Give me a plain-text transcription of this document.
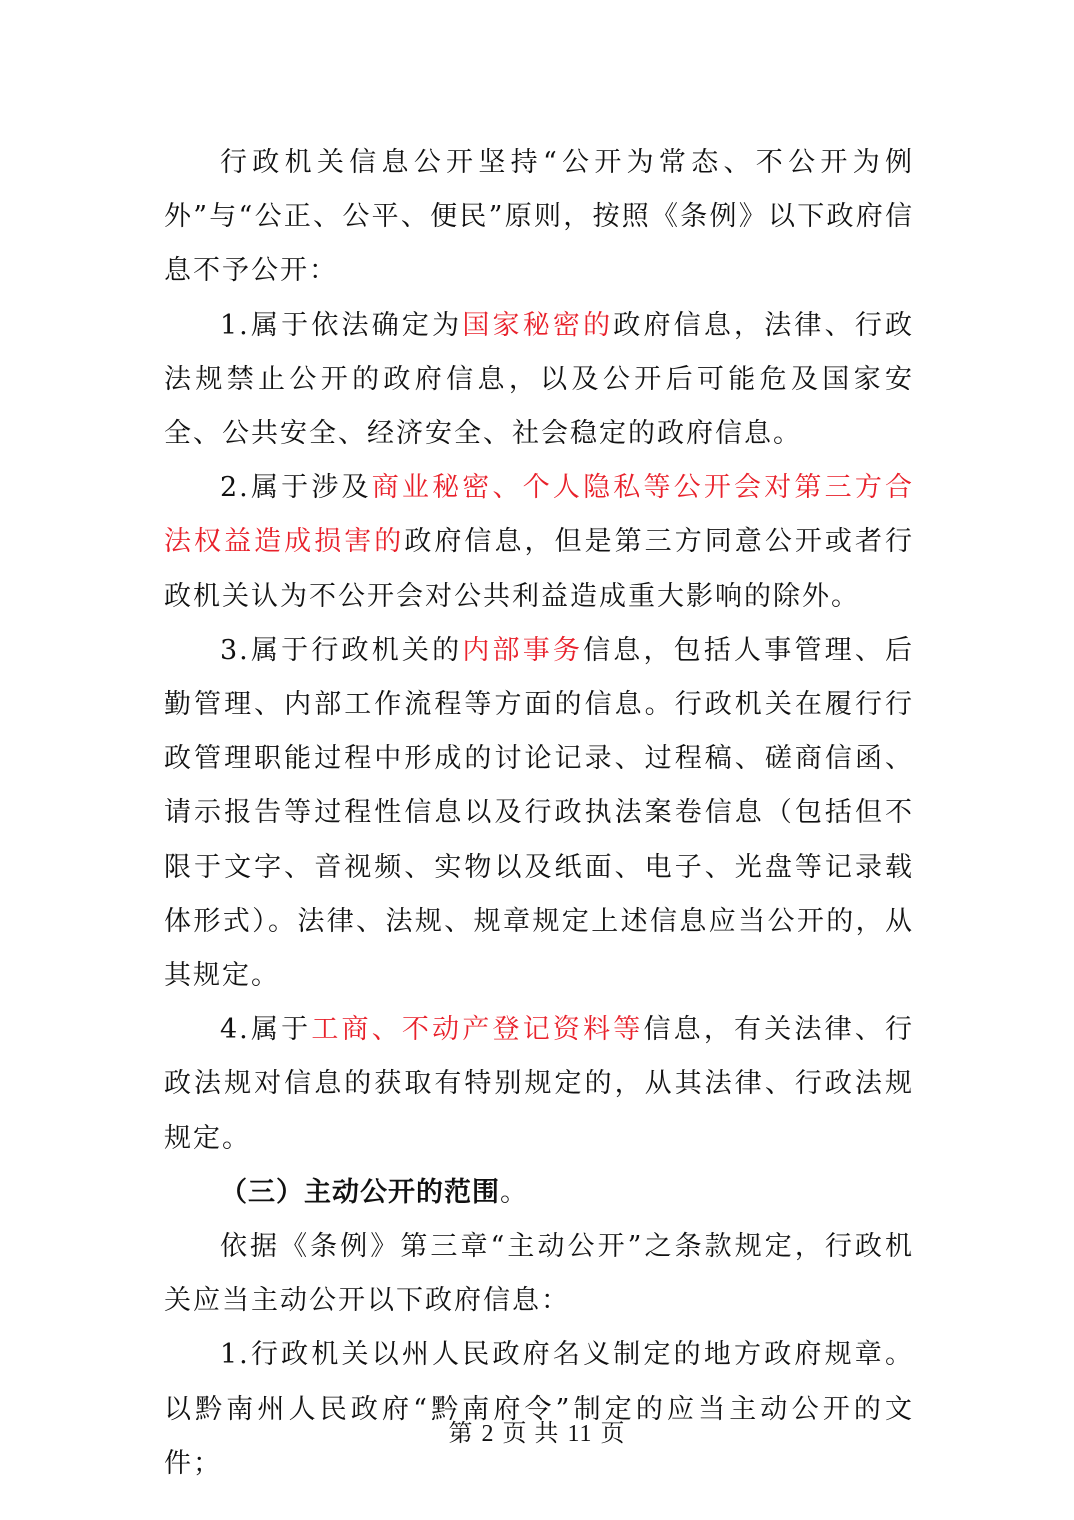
行政机关信息公开坚持“公开为常态、不公开为例外”与“公正、公平、便民”原则，按照《条例》以下政府信息不予公开：

1.属于依法确定为国家秘密的政府信息，法律、行政法规禁止公开的政府信息，以及公开后可能危及国家安全、公共安全、经济安全、社会稳定的政府信息。

2.属于涉及商业秘密、个人隐私等公开会对第三方合法权益造成损害的政府信息，但是第三方同意公开或者行政机关认为不公开会对公共利益造成重大影响的除外。

3.属于行政机关的内部事务信息，包括人事管理、后勤管理、内部工作流程等方面的信息。行政机关在履行行政管理职能过程中形成的讨论记录、过程稿、磋商信函、请示报告等过程性信息以及行政执法案卷信息（包括但不限于文字、音视频、实物以及纸面、电子、光盘等记录载体形式）。法律、法规、规章规定上述信息应当公开的，从其规定。

4.属于工商、不动产登记资料等信息，有关法律、行政法规对信息的获取有特别规定的，从其法律、行政法规规定。

（三）主动公开的范围。

依据《条例》第三章“主动公开”之条款规定，行政机关应当主动公开以下政府信息：

1.行政机关以州人民政府名义制定的地方政府规章。以黔南州人民政府“黔南府令”制定的应当主动公开的文件；

第 2 页 共 11 页
